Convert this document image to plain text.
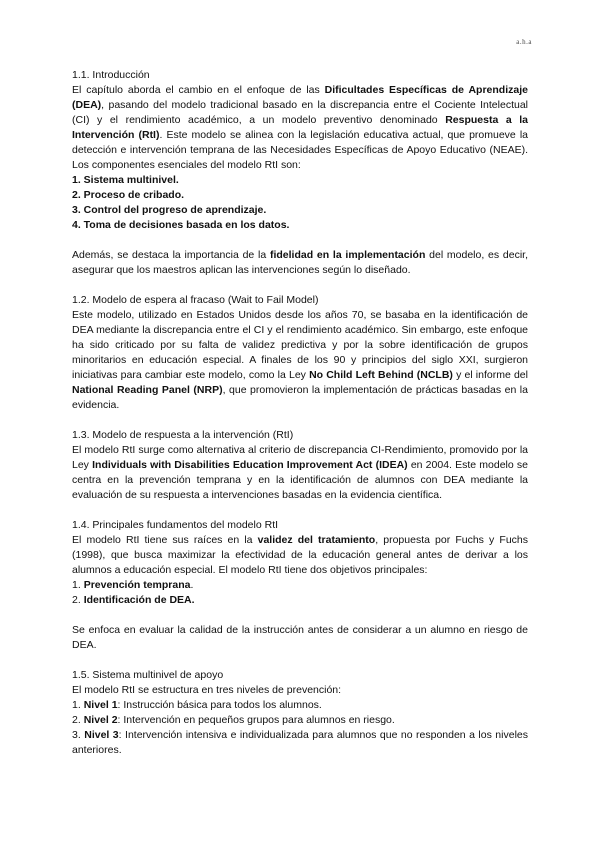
a.h.a
1.1. Introducción

El capítulo aborda el cambio en el enfoque de las Dificultades Específicas de Aprendizaje (DEA), pasando del modelo tradicional basado en la discrepancia entre el Cociente Intelectual (CI) y el rendimiento académico, a un modelo preventivo denominado Respuesta a la Intervención (RtI). Este modelo se alinea con la legislación educativa actual, que promueve la detección e intervención temprana de las Necesidades Específicas de Apoyo Educativo (NEAE). Los componentes esenciales del modelo RtI son:

1. Sistema multinivel.
2. Proceso de cribado.
3. Control del progreso de aprendizaje.
4. Toma de decisiones basada en los datos.

Además, se destaca la importancia de la fidelidad en la implementación del modelo, es decir, asegurar que los maestros aplican las intervenciones según lo diseñado.

1.2. Modelo de espera al fracaso (Wait to Fail Model)

Este modelo, utilizado en Estados Unidos desde los años 70, se basaba en la identificación de DEA mediante la discrepancia entre el CI y el rendimiento académico. Sin embargo, este enfoque ha sido criticado por su falta de validez predictiva y por la sobre identificación de grupos minoritarios en educación especial. A finales de los 90 y principios del siglo XXI, surgieron iniciativas para cambiar este modelo, como la Ley No Child Left Behind (NCLB) y el informe del National Reading Panel (NRP), que promovieron la implementación de prácticas basadas en la evidencia.

1.3. Modelo de respuesta a la intervención (RtI)

El modelo RtI surge como alternativa al criterio de discrepancia CI-Rendimiento, promovido por la Ley Individuals with Disabilities Education Improvement Act (IDEA) en 2004. Este modelo se centra en la prevención temprana y en la identificación de alumnos con DEA mediante la evaluación de su respuesta a intervenciones basadas en la evidencia científica.

1.4. Principales fundamentos del modelo RtI

El modelo RtI tiene sus raíces en la validez del tratamiento, propuesta por Fuchs y Fuchs (1998), que busca maximizar la efectividad de la educación general antes de derivar a los alumnos a educación especial. El modelo RtI tiene dos objetivos principales:

1. Prevención temprana.
2. Identificación de DEA.

Se enfoca en evaluar la calidad de la instrucción antes de considerar a un alumno en riesgo de DEA.

1.5. Sistema multinivel de apoyo

El modelo RtI se estructura en tres niveles de prevención:

1. Nivel 1: Instrucción básica para todos los alumnos.
2. Nivel 2: Intervención en pequeños grupos para alumnos en riesgo.
3. Nivel 3: Intervención intensiva e individualizada para alumnos que no responden a los niveles anteriores.
